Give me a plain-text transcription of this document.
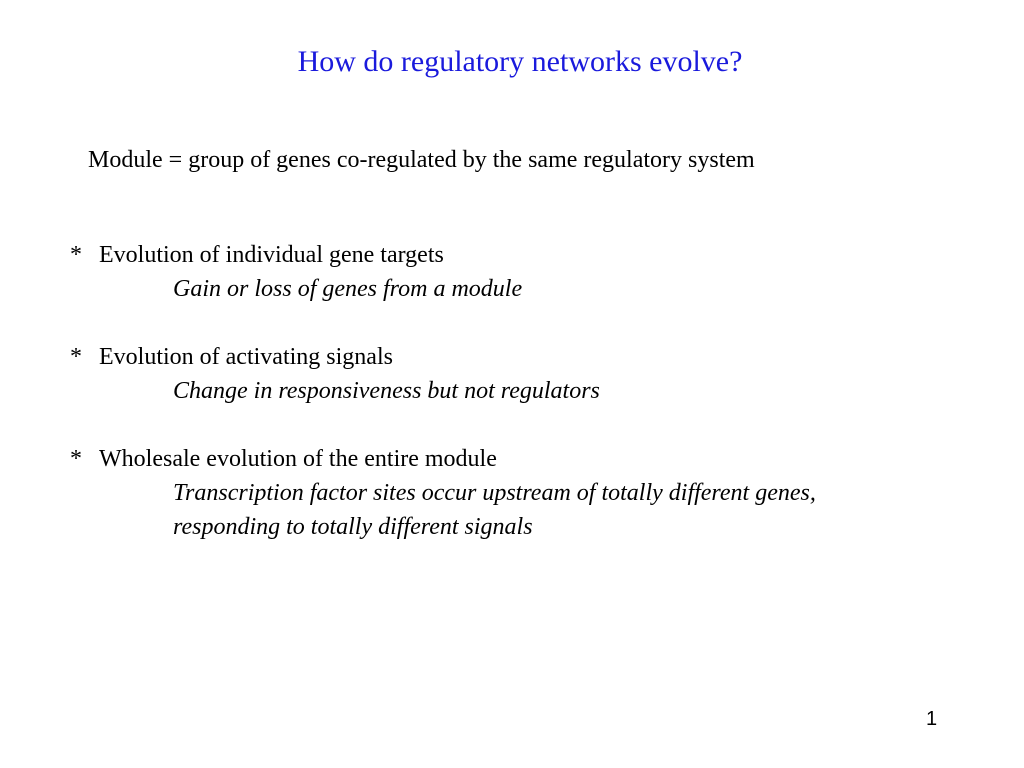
How do regulatory networks evolve?
Module = group of genes co-regulated by the same regulatory system
* Evolution of individual gene targets
Gain or loss of genes from a module
* Evolution of activating signals
Change in responsiveness but not regulators
* Wholesale evolution of the entire module
Transcription factor sites occur upstream of totally different genes,
responding to totally different signals
1
